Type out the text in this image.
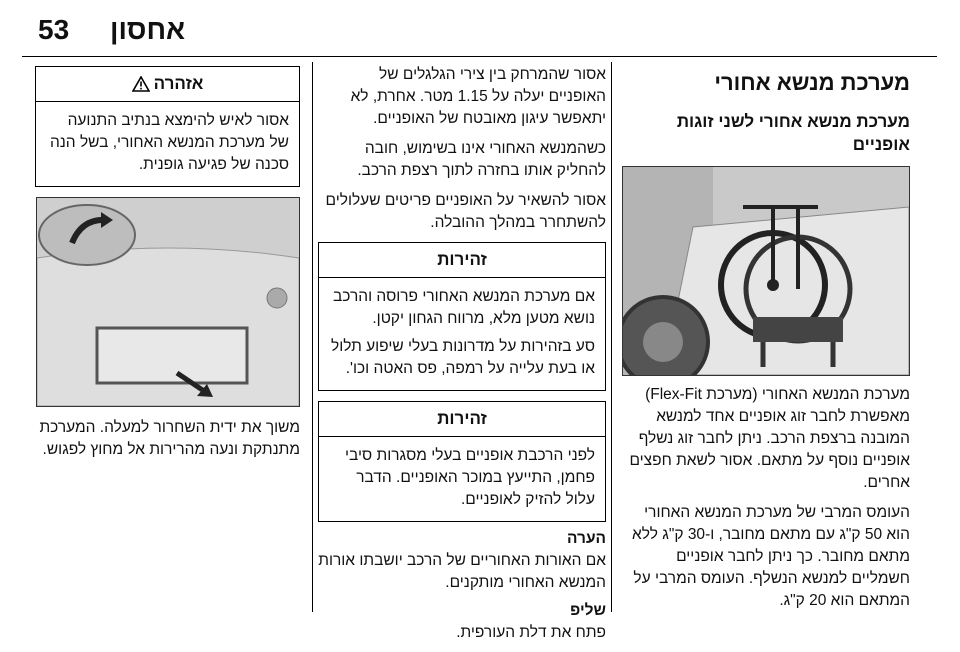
53 אחסון
מערכת מנשא אחורי
מערכת מנשא אחורי לשני זוגות אופניים

מערכת המנשא האחורי (מערכת Flex-Fit) מאפשרת לחבר זוג אופניים אחד למנשא המובנה ברצפת הרכב. ניתן לחבר זוג נשלף אופניים נוסף על מתאם. אסור לשאת חפצים אחרים.

העומס המרבי של מערכת המנשא האחורי הוא 50 ק"ג עם מתאם מחובר, ו-30 ק"ג ללא מתאם מחובר. כך ניתן לחבר אופניים חשמליים למנשא הנשלף. העומס המרבי על המתאם הוא 20 ק"ג.

אסור שהמרחק בין צירי הגלגלים של האופניים יעלה על 1.15 מטר. אחרת, לא יתאפשר עיגון מאובטח של האופניים.

כשהמנשא האחורי אינו בשימוש, חובה להחליק אותו בחזרה לתוך רצפת הרכב.

אסור להשאיר על האופניים פריטים שעלולים להשתחרר במהלך ההובלה.

זהירות

אם מערכת המנשא האחורי פרוסה והרכב נושא מטען מלא, מרווח הגחון יקטן.

סע בזהירות על מדרונות בעלי שיפוע תלול או בעת עלייה על רמפה, פס האטה וכו'.

זהירות

לפני הרכבת אופניים בעלי מסגרות סיבי פחמן, התייעץ במוכר האופניים. הדבר עלול להזיק לאופניים.

הערה

אם האורות האחוריים של הרכב יושבתו אורות המנשא האחורי מותקנים.

שליפ

פתח את דלת העורפית.

אזהרה

אסור לאיש להימצא בנתיב התנועה של מערכת המנשא האחורי, בשל הנה סכנה של פגיעה גופנית.

משוך את ידית השחרור למעלה. המערכת מתנתקת ונעה מהרירות אל מחוץ לפגוש.
